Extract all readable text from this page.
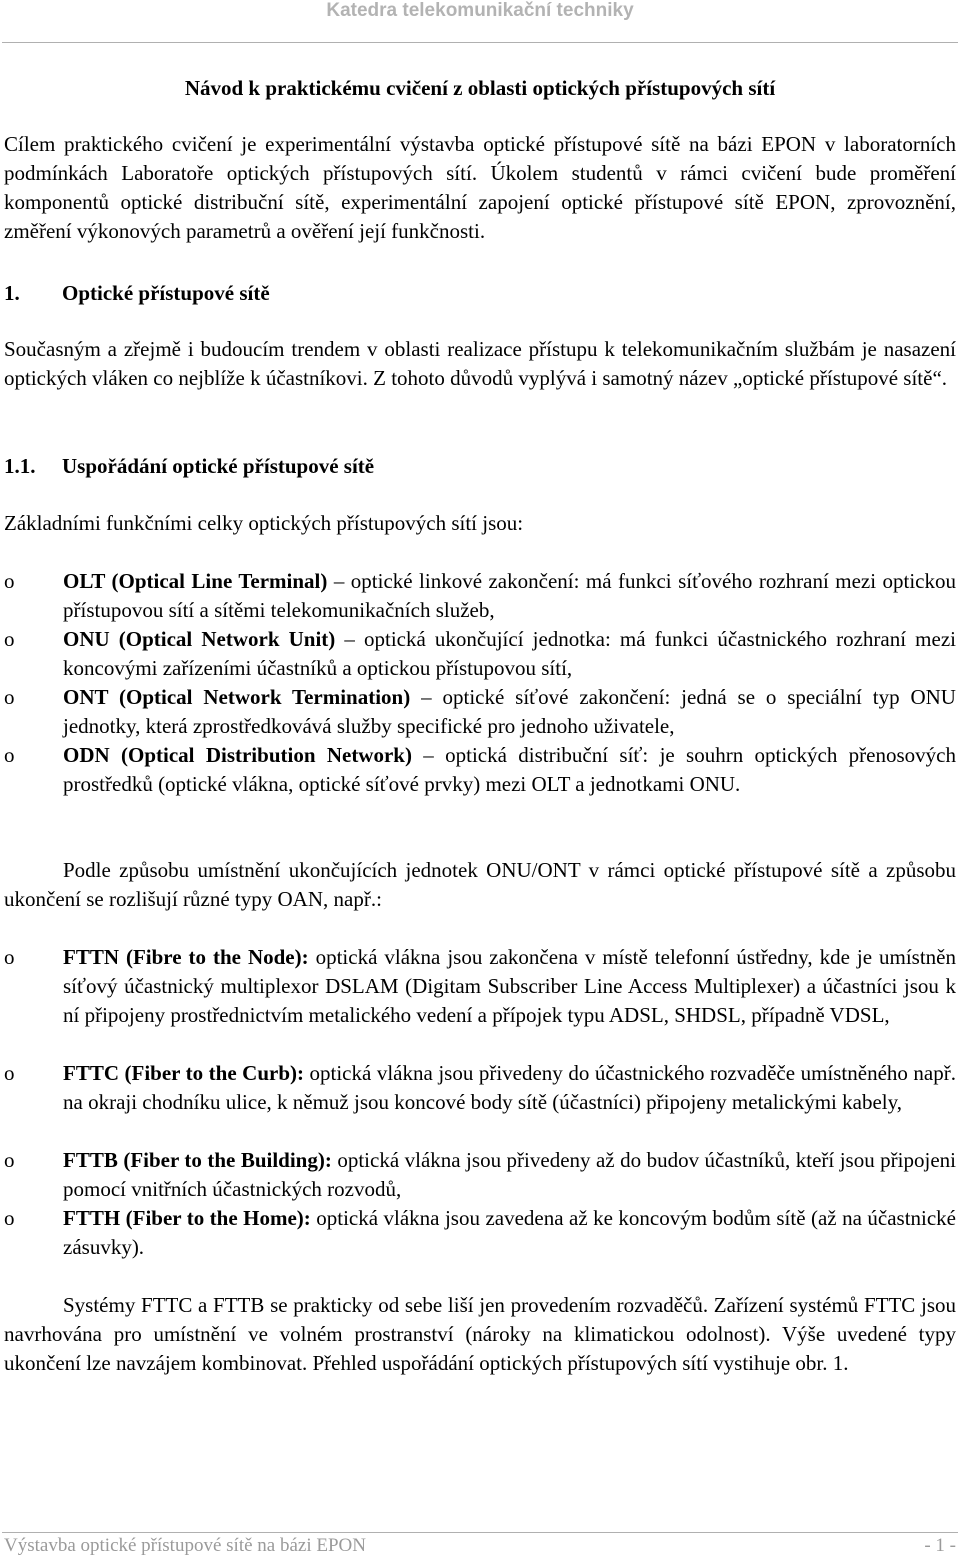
Katedra telekomunikační techniky
Návod k praktickému cvičení z oblasti optických přístupových sítí
Cílem praktického cvičení je experimentální výstavba optické přístupové sítě na bázi EPON v laboratorních podmínkách Laboratoře optických přístupových sítí. Úkolem studentů v rámci cvičení bude proměření komponentů optické distribuční sítě, experimentální zapojení optické přístupové sítě EPON, zprovoznění, změření výkonových parametrů a ověření její funkčnosti.
1. Optické přístupové sítě
Současným a zřejmě i budoucím trendem v oblasti realizace přístupu k telekomunikačním službám je nasazení optických vláken co nejblíže k účastníkovi. Z tohoto důvodů vyplývá i samotný název „optické přístupové sítě“.
1.1. Uspořádání optické přístupové sítě
Základními funkčními celky optických přístupových sítí jsou:
o OLT (Optical Line Terminal) – optické linkové zakončení: má funkci síťového rozhraní mezi optickou přístupovou sítí a sítěmi telekomunikačních služeb,
o ONU (Optical Network Unit) – optická ukončující jednotka: má funkci účastnického rozhraní mezi koncovými zařízeními účastníků a optickou přístupovou sítí,
o ONT (Optical Network Termination) – optické síťové zakončení: jedná se o speciální typ ONU jednotky, která zprostředkovává služby specifické pro jednoho uživatele,
o ODN (Optical Distribution Network) – optická distribuční síť: je souhrn optických přenosových prostředků (optické vlákna, optické síťové prvky) mezi OLT a jednotkami ONU.
Podle způsobu umístnění ukončujících jednotek ONU/ONT v rámci optické přístupové sítě a způsobu ukončení se rozlišují různé typy OAN, např.:
o FTTN (Fibre to the Node): optická vlákna jsou zakončena v místě telefonní ústředny, kde je umístněn síťový účastnický multiplexor DSLAM (Digitam Subscriber Line Access Multiplexer) a účastníci jsou k ní připojeny prostřednictvím metalického vedení a přípojek typu ADSL, SHDSL, případně VDSL,
o FTTC (Fiber to the Curb): optická vlákna jsou přivedeny do účastnického rozvaděče umístněného např. na okraji chodníku ulice, k němuž jsou koncové body sítě (účastníci) připojeny metalickými kabely,
o FTTB (Fiber to the Building): optická vlákna jsou přivedeny až do budov účastníků, kteří jsou připojeni pomocí vnitřních účastnických rozvodů,
o FTTH (Fiber to the Home): optická vlákna jsou zavedena až ke koncovým bodům sítě (až na účastnické zásuvky).
Systémy FTTC a FTTB se prakticky od sebe liší jen provedením rozvaděčů. Zařízení systémů FTTC jsou navrhována pro umístnění ve volném prostranství (nároky na klimatickou odolnost). Výše uvedené typy ukončení lze navzájem kombinovat. Přehled uspořádání optických přístupových sítí vystihuje obr. 1.
Výstavba optické přístupové sítě na bázi EPON	- 1 -
